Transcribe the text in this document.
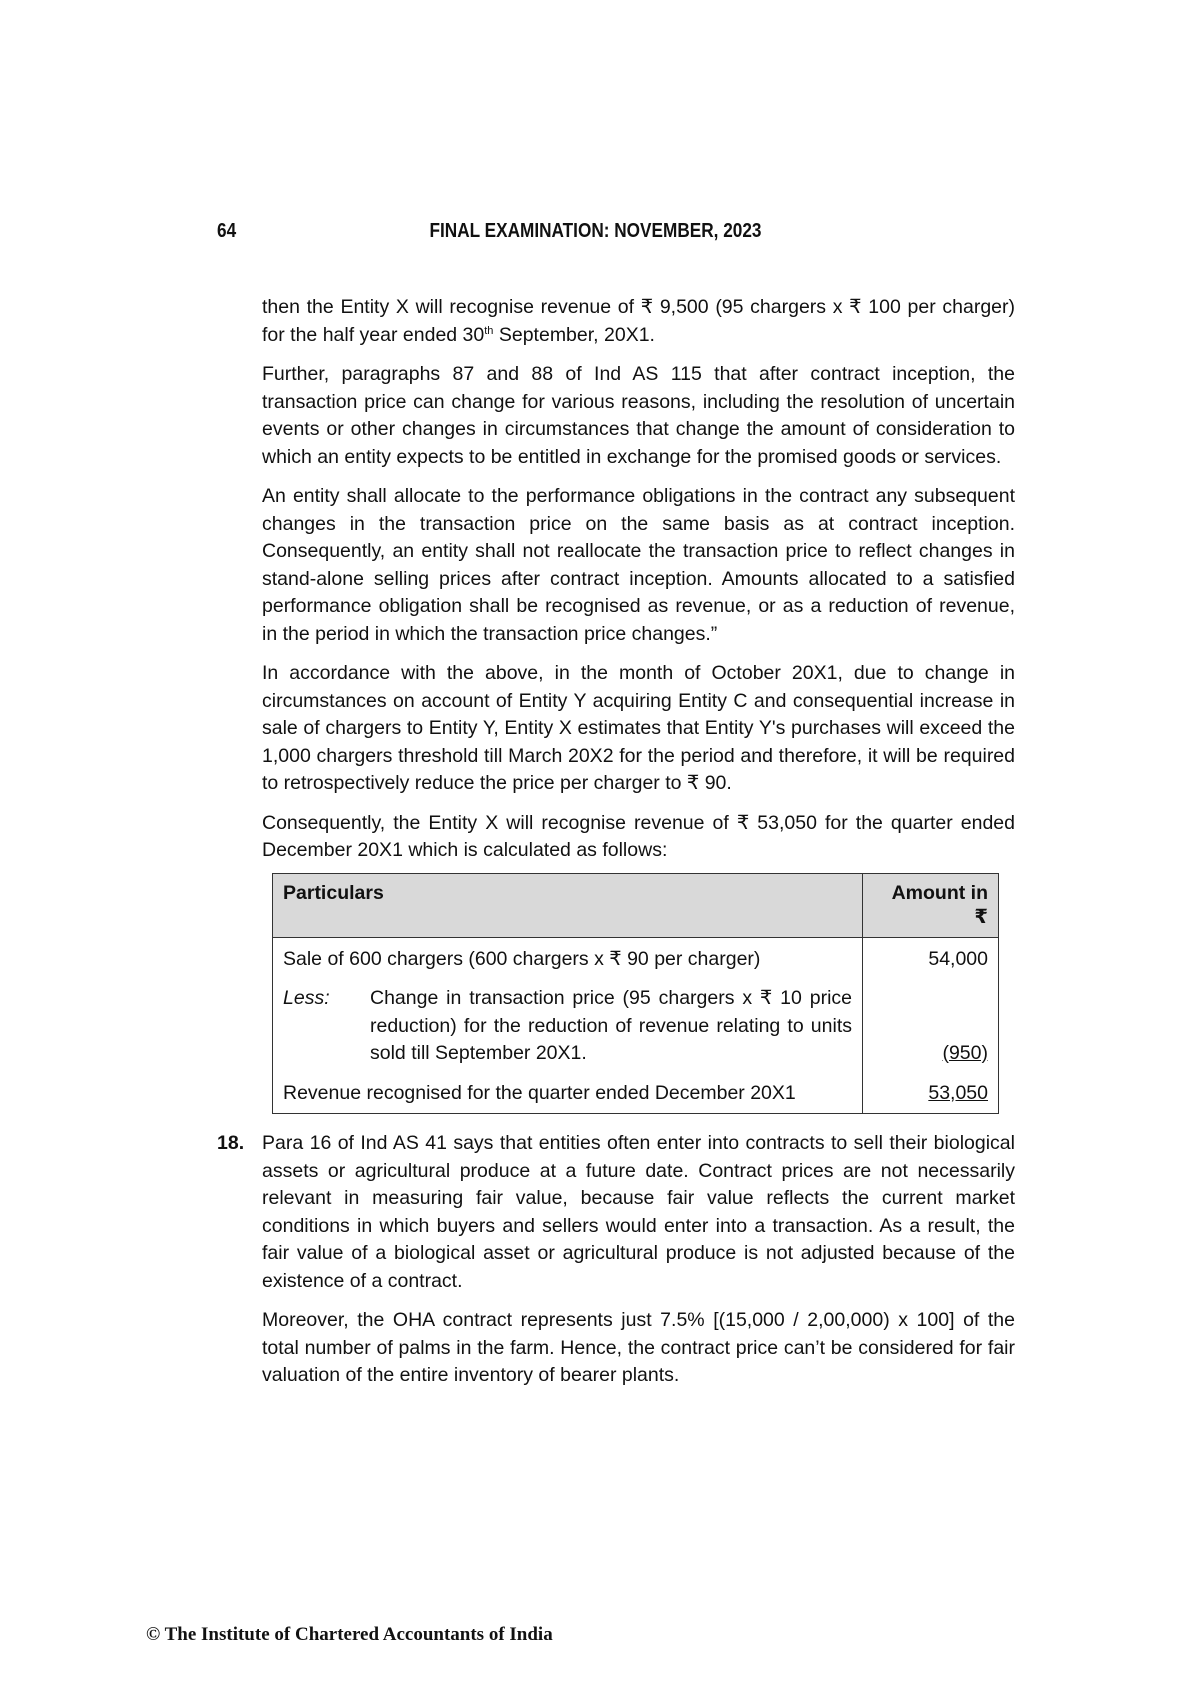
64	FINAL EXAMINATION: NOVEMBER, 2023

then the Entity X will recognise revenue of ₹ 9,500 (95 chargers x ₹ 100 per charger) for the half year ended 30th September, 20X1.

Further, paragraphs 87 and 88 of Ind AS 115 that after contract inception, the transaction price can change for various reasons, including the resolution of uncertain events or other changes in circumstances that change the amount of consideration to which an entity expects to be entitled in exchange for the promised goods or services.

An entity shall allocate to the performance obligations in the contract any subsequent changes in the transaction price on the same basis as at contract inception. Consequently, an entity shall not reallocate the transaction price to reflect changes in stand-alone selling prices after contract inception. Amounts allocated to a satisfied performance obligation shall be recognised as revenue, or as a reduction of revenue, in the period in which the transaction price changes.”

In accordance with the above, in the month of October 20X1, due to change in circumstances on account of Entity Y acquiring Entity C and consequential increase in sale of chargers to Entity Y, Entity X estimates that Entity Y's purchases will exceed the 1,000 chargers threshold till March 20X2 for the period and therefore, it will be required to retrospectively reduce the price per charger to ₹ 90.

Consequently, the Entity X will recognise revenue of ₹ 53,050 for the quarter ended December 20X1 which is calculated as follows:

Particulars	Amount in ₹
Sale of 600 chargers (600 chargers x ₹ 90 per charger)	54,000

Less: Change in transaction price (95 chargers x ₹ 10 price reduction) for the reduction of revenue relating to units sold till September 20X1.	(950)

Revenue recognised for the quarter ended December 20X1	53,050
18. Para 16 of Ind AS 41 says that entities often enter into contracts to sell their biological assets or agricultural produce at a future date. Contract prices are not necessarily relevant in measuring fair value, because fair value reflects the current market conditions in which buyers and sellers would enter into a transaction. As a result, the fair value of a biological asset or agricultural produce is not adjusted because of the existence of a contract.

Moreover, the OHA contract represents just 7.5% [(15,000 / 2,00,000) x 100] of the total number of palms in the farm. Hence, the contract price can’t be considered for fair valuation of the entire inventory of bearer plants.

© The Institute of Chartered Accountants of India
